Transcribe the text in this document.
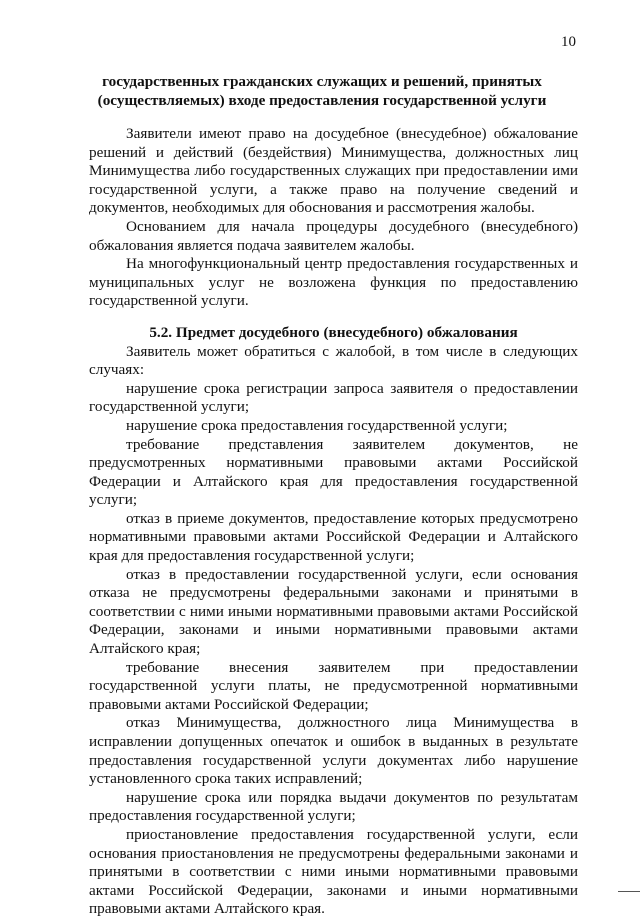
10
государственных гражданских служащих и решений, принятых (осуществляемых) входе предоставления государственной услуги

Заявители имеют право на досудебное (внесудебное) обжалование решений и действий (бездействия) Минимущества, должностных лиц Минимущества либо государственных служащих при предоставлении ими государственной услуги, а также право на получение сведений и документов, необходимых для обоснования и рассмотрения жалобы.

Основанием для начала процедуры досудебного (внесудебного) обжалования является подача заявителем жалобы.

На многофункциональный центр предоставления государственных и муниципальных услуг не возложена функция по предоставлению государственной услуги.

5.2. Предмет досудебного (внесудебного) обжалования

Заявитель может обратиться с жалобой, в том числе в следующих случаях:

нарушение срока регистрации запроса заявителя о предоставлении государственной услуги;

нарушение срока предоставления государственной услуги;

требование представления заявителем документов, не предусмотренных нормативными правовыми актами Российской Федерации и Алтайского края для предоставления государственной услуги;

отказ в приеме документов, предоставление которых предусмотрено нормативными правовыми актами Российской Федерации и Алтайского края для предоставления государственной услуги;

отказ в предоставлении государственной услуги, если основания отказа не предусмотрены федеральными законами и принятыми в соответствии с ними иными нормативными правовыми актами Российской Федерации, законами и иными нормативными правовыми актами Алтайского края;

требование внесения заявителем при предоставлении государственной услуги платы, не предусмотренной нормативными правовыми актами Российской Федерации;

отказ Минимущества, должностного лица Минимущества в исправлении допущенных опечаток и ошибок в выданных в результате предоставления государственной услуги документах либо нарушение установленного срока таких исправлений;

нарушение срока или порядка выдачи документов по результатам предоставления государственной услуги;

приостановление предоставления государственной услуги, если основания приостановления не предусмотрены федеральными законами и принятыми в соответствии с ними иными нормативными правовыми актами Российской Федерации, законами и иными нормативными правовыми актами Алтайского края.
